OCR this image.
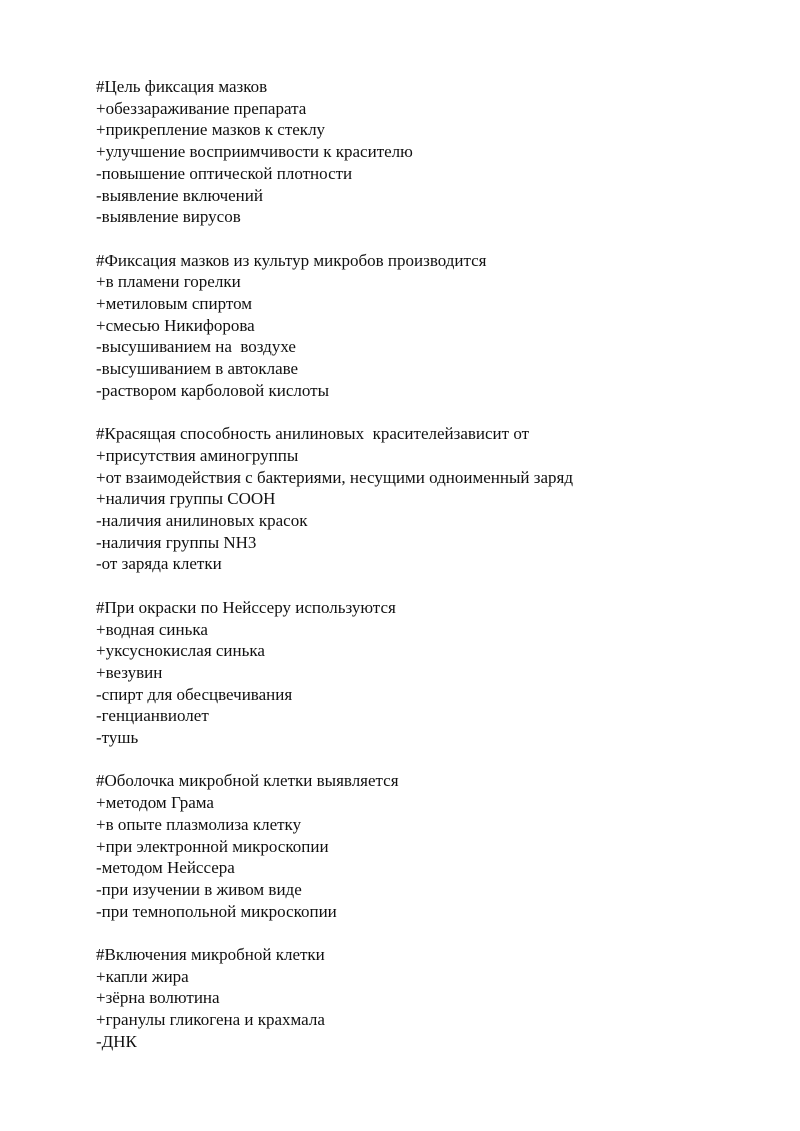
#Цель фиксация мазков
+обеззараживание препарата
+прикрепление мазков к стеклу
+улучшение восприимчивости к красителю
-повышение оптической плотности
-выявление включений
-выявление вирусов
#Фиксация мазков из культур микробов производится
+в пламени горелки
+метиловым спиртом
+смесью Никифорова
-высушиванием на  воздухе
-высушиванием в автоклаве
-раствором карболовой кислоты
#Красящая способность анилиновых  красителейзависит от
+присутствия аминогруппы
+от взаимодействия с бактериями, несущими одноименный заряд
+наличия группы СООН
-наличия анилиновых красок
-наличия группы NH3
-от заряда клетки
#При окраски по Нейссеру используются
+водная синька
+уксуснокислая синька
+везувин
-спирт для обесцвечивания
-генцианвиолет
-тушь
#Оболочка микробной клетки выявляется
+методом Грама
+в опыте плазмолиза клетку
+при электронной микроскопии
-методом Нейссера
-при изучении в живом виде
-при темнопольной микроскопии
#Включения микробной клетки
+капли жира
+зёрна волютина
+гранулы гликогена и крахмала
-ДНК
